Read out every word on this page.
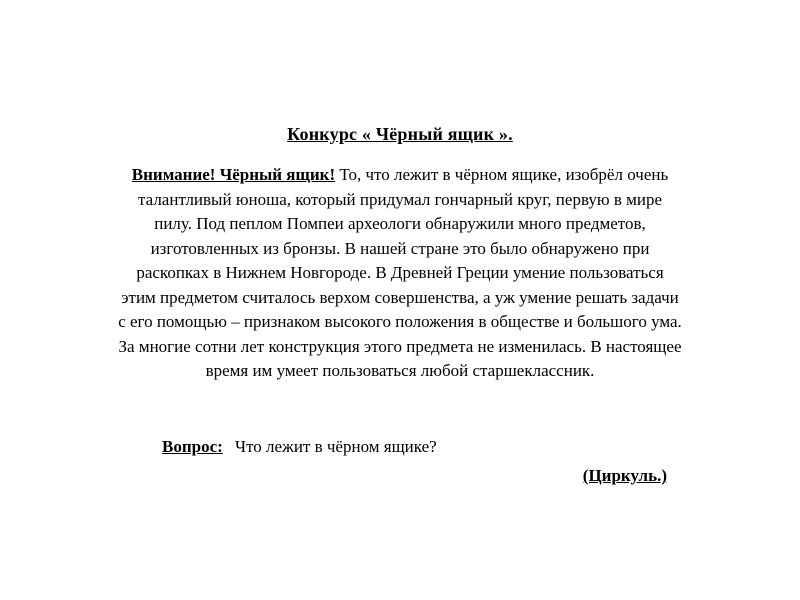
Конкурс « Чёрный ящик ».
Внимание! Чёрный ящик! То, что лежит в чёрном ящике, изобрёл очень талантливый юноша, который придумал гончарный круг, первую в мире пилу. Под пеплом Помпеи археологи обнаружили много предметов, изготовленных из бронзы. В нашей стране это было обнаружено при раскопках в Нижнем Новгороде. В Древней Греции умение пользоваться этим предметом считалось верхом совершенства, а уж умение решать задачи с его помощью – признаком высокого положения в обществе и большого ума. За многие сотни лет конструкция этого предмета не изменилась. В настоящее время им умеет пользоваться любой старшеклассник.
Вопрос: Что лежит в чёрном ящике?
(Циркуль.)
